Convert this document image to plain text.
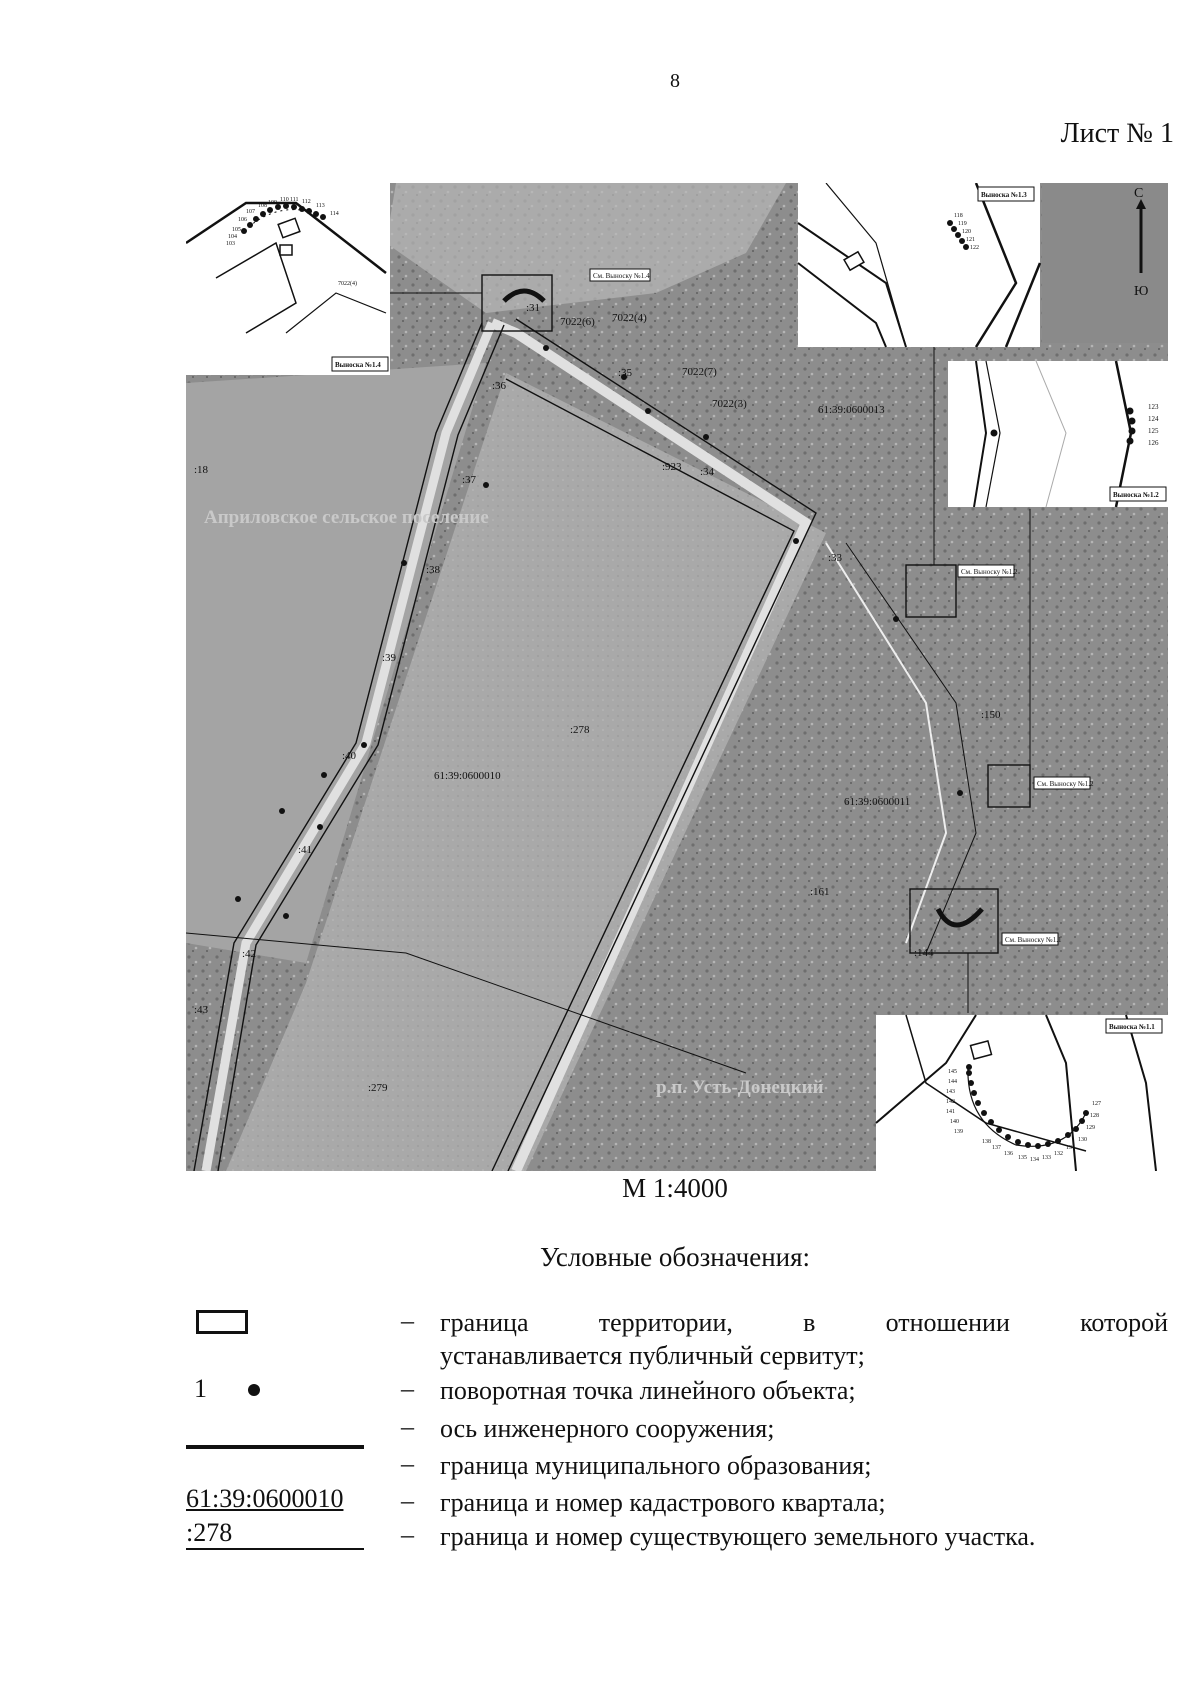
8
Лист № 1
:18
:36
:37
:38
:39
:40
:41
:42
:43
:278
:279
:923 :34
:35
:33
:31
:150
:161
:144
7022(7)
7022(3)
7022(4)
7022(6)
61:39:0600010
61:39:0600013
61:39:0600011
Априловское сельское поселение
р.п. Усть-Донецкий
См. Выноску №1.4
См. Выноску №1.2
См. Выноску №1.2
См. Выноску №1.1
103
104
105
106
107
108 109 110 111 112
113
114
7022(4)
Выноска №1.4
118
119
120
121
122
Выноска №1.3	С
Ю
123
124
125
126
Выноска №1.2
127
128
129
130
131
132
133
134
135
136
137
138
139
140
141
142
143
144
145
Выноска №1.1
М 1:4000
Условные обозначения:
– граница территории, в отношении которой
устанавливается публичный сервитут;
1	– поворотная точка линейного объекта;
– ось инженерного сооружения;
– граница муниципального образования;
61:39:0600010 – граница и номер кадастрового квартала;
:278	– граница и номер существующего земельного участка.
